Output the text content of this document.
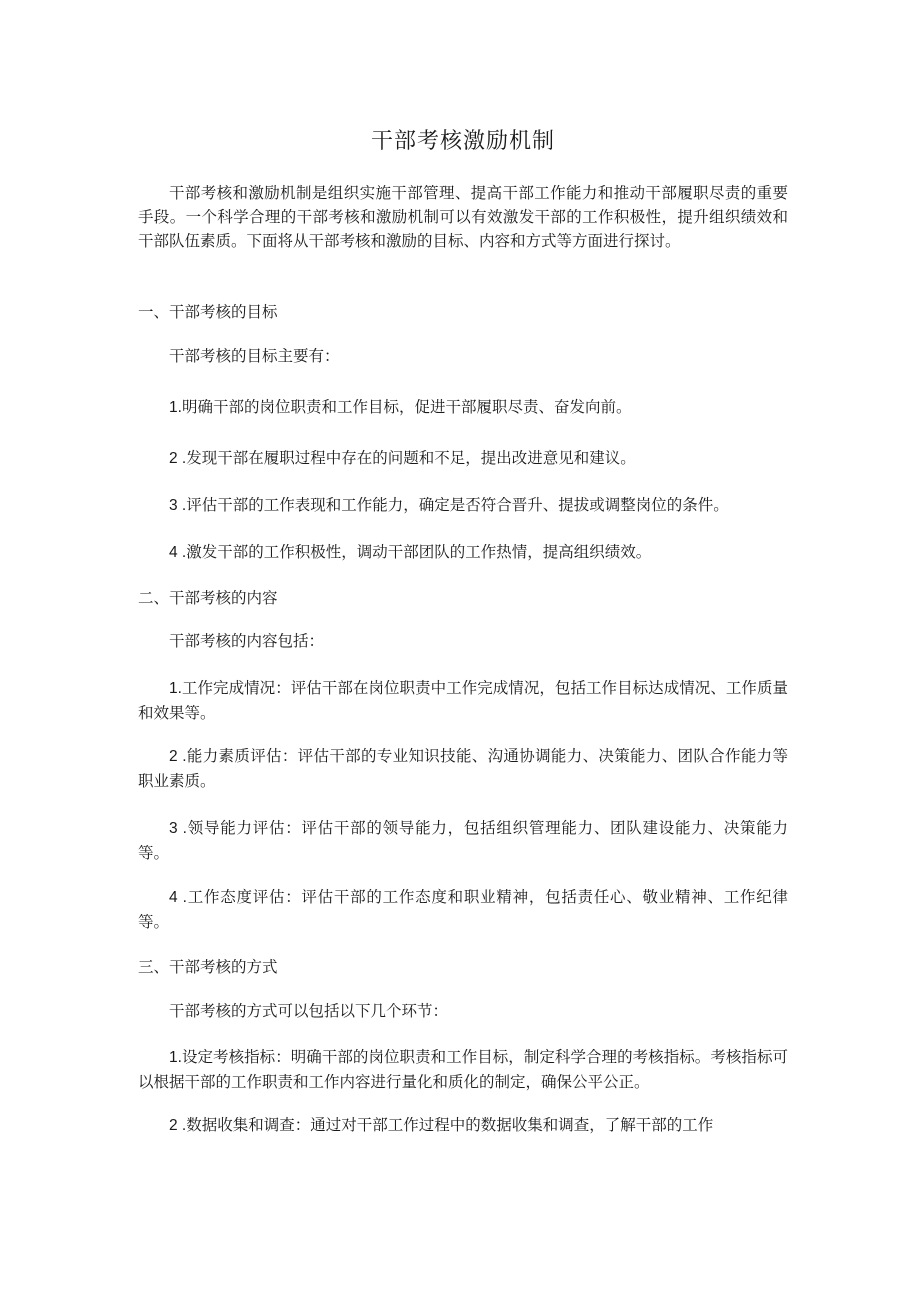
干部考核激励机制

干部考核和激励机制是组织实施干部管理、提高干部工作能力和推动干部履职尽责的重要手段。一个科学合理的干部考核和激励机制可以有效激发干部的工作积极性，提升组织绩效和干部队伍素质。下面将从干部考核和激励的目标、内容和方式等方面进行探讨。

一、干部考核的目标

干部考核的目标主要有：

1.明确干部的岗位职责和工作目标，促进干部履职尽责、奋发向前。

2 .发现干部在履职过程中存在的问题和不足，提出改进意见和建议。

3 .评估干部的工作表现和工作能力，确定是否符合晋升、提拔或调整岗位的条件。

4 .激发干部的工作积极性，调动干部团队的工作热情，提高组织绩效。

二、干部考核的内容

干部考核的内容包括：

1.工作完成情况：评估干部在岗位职责中工作完成情况，包括工作目标达成情况、工作质量和效果等。

2 .能力素质评估：评估干部的专业知识技能、沟通协调能力、决策能力、团队合作能力等职业素质。

3 .领导能力评估：评估干部的领导能力，包括组织管理能力、团队建设能力、决策能力等。

4 .工作态度评估：评估干部的工作态度和职业精神，包括责任心、敬业精神、工作纪律等。

三、干部考核的方式

干部考核的方式可以包括以下几个环节：

1.设定考核指标：明确干部的岗位职责和工作目标，制定科学合理的考核指标。考核指标可以根据干部的工作职责和工作内容进行量化和质化的制定，确保公平公正。

2 .数据收集和调查：通过对干部工作过程中的数据收集和调查，了解干部的工作
